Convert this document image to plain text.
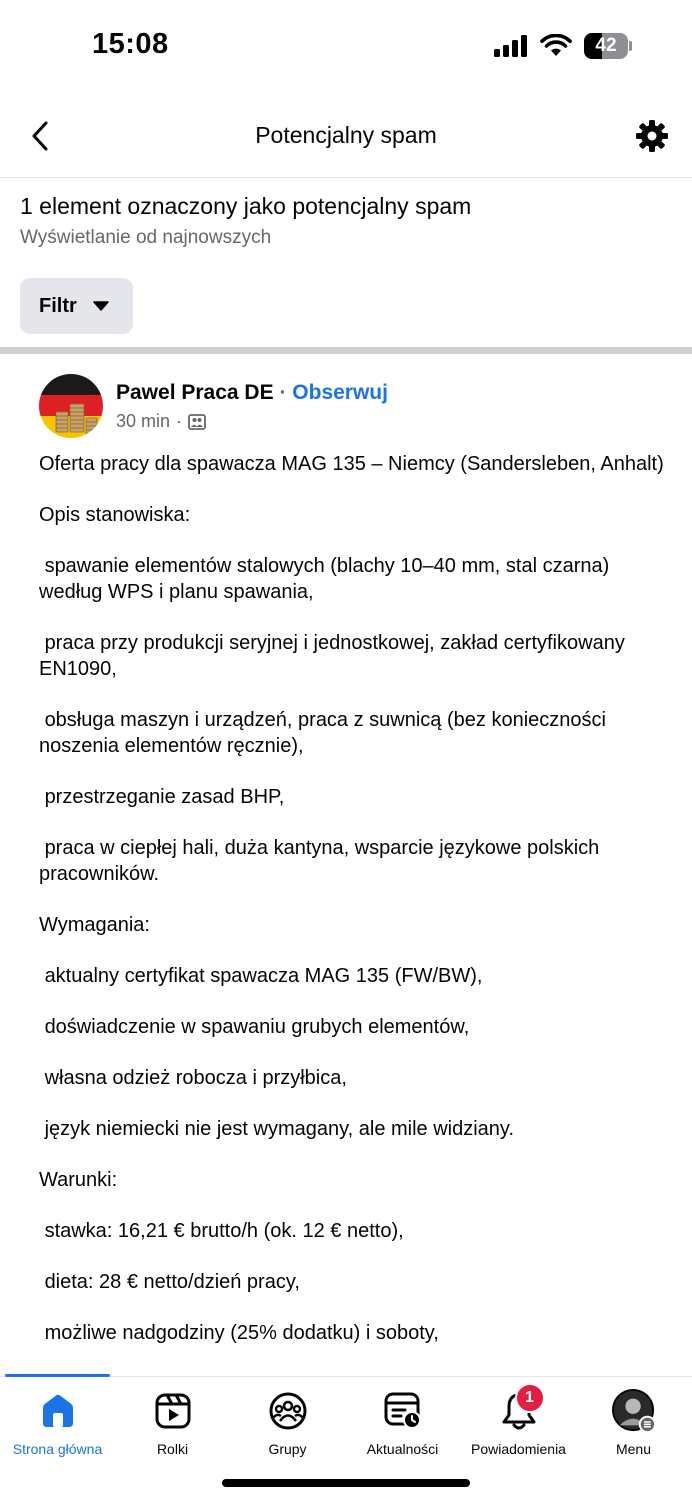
15:08	42
Potencjalny spam
1 element oznaczony jako potencjalny spam
Wyświetlanie od najnowszych
Filtr
Pawel Praca DE · Obserwuj
30 min ·

Oferta pracy dla spawacza MAG 135 – Niemcy (Sandersleben, Anhalt)

Opis stanowiska:

spawanie elementów stalowych (blachy 10–40 mm, stal czarna) według WPS i planu spawania,

praca przy produkcji seryjnej i jednostkowej, zakład certyfikowany EN1090,

obsługa maszyn i urządzeń, praca z suwnicą (bez konieczności noszenia elementów ręcznie),

przestrzeganie zasad BHP,

praca w ciepłej hali, duża kantyna, wsparcie językowe polskich pracowników.

Wymagania:

aktualny certyfikat spawacza MAG 135 (FW/BW),

doświadczenie w spawaniu grubych elementów,

własna odzież robocza i przyłbica,

język niemiecki nie jest wymagany, ale mile widziany.

Warunki:

stawka: 16,21 € brutto/h (ok. 12 € netto),

dieta: 28 € netto/dzień pracy,

możliwe nadgodziny (25% dodatku) i soboty,

Strona główna	Rolki	Grupy	Aktualności
1
Powiadomienia	Menu
